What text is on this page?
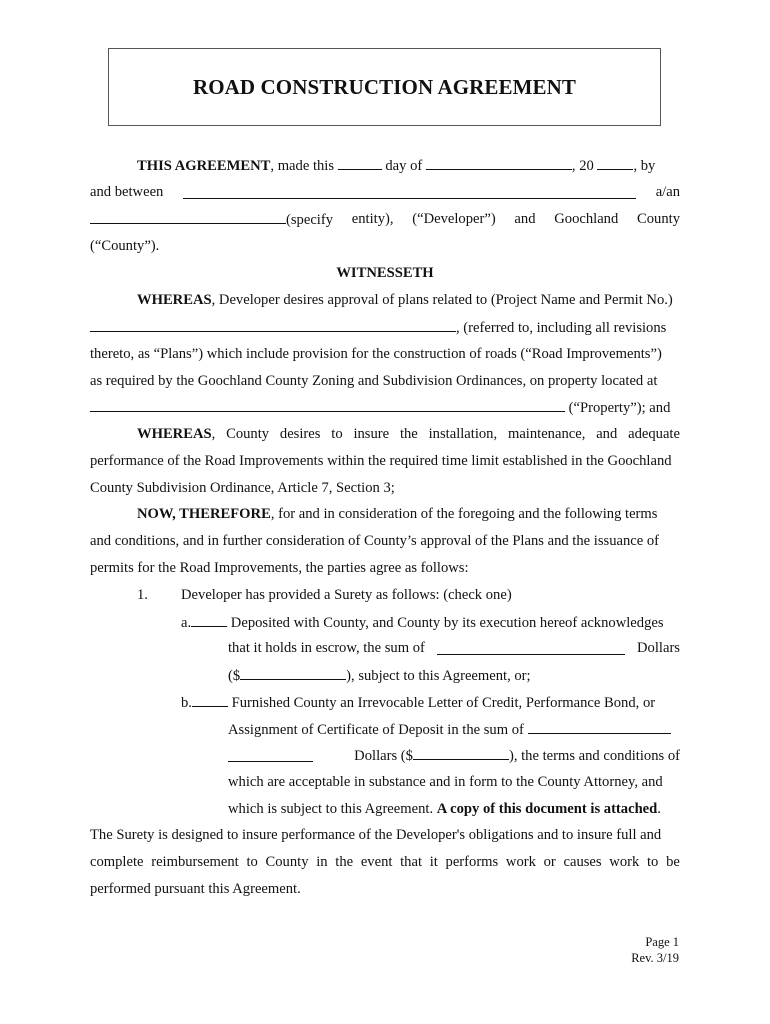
ROAD CONSTRUCTION AGREEMENT
THIS AGREEMENT, made this	day of	, 20	, by
and between	a/an
(specify entity), (“Developer”) and Goochland County
(“County”).
WITNESSETH
WHEREAS, Developer desires approval of plans related to (Project Name and Permit No.)
, (referred to, including all revisions
thereto, as “Plans”) which include provision for the construction of roads (“Road Improvements”)
as required by the Goochland County Zoning and Subdivision Ordinances, on property located at
(“Property”); and
WHEREAS, County desires to insure the installation, maintenance, and adequate
performance of the Road Improvements within the required time limit established in the Goochland
County Subdivision Ordinance, Article 7, Section 3;
NOW, THEREFORE, for and in consideration of the foregoing and the following terms
and conditions, and in further consideration of County’s approval of the Plans and the issuance of
permits for the Road Improvements, the parties agree as follows:
1.	Developer has provided a Surety as follows: (check one)
a.	Deposited with County, and County by its execution hereof acknowledges
that it holds in escrow, the sum of	Dollars
($	), subject to this Agreement, or;
b.	Furnished County an Irrevocable Letter of Credit, Performance Bond, or
Assignment of Certificate of Deposit in the sum of
Dollars ($	), the terms and conditions of
which are acceptable in substance and in form to the County Attorney, and
which is subject to this Agreement. A copy of this document is attached.
The Surety is designed to insure performance of the Developer's obligations and to insure full and
complete reimbursement to County in the event that it performs work or causes work to be
performed pursuant this Agreement.
Page 1
Rev. 3/19
